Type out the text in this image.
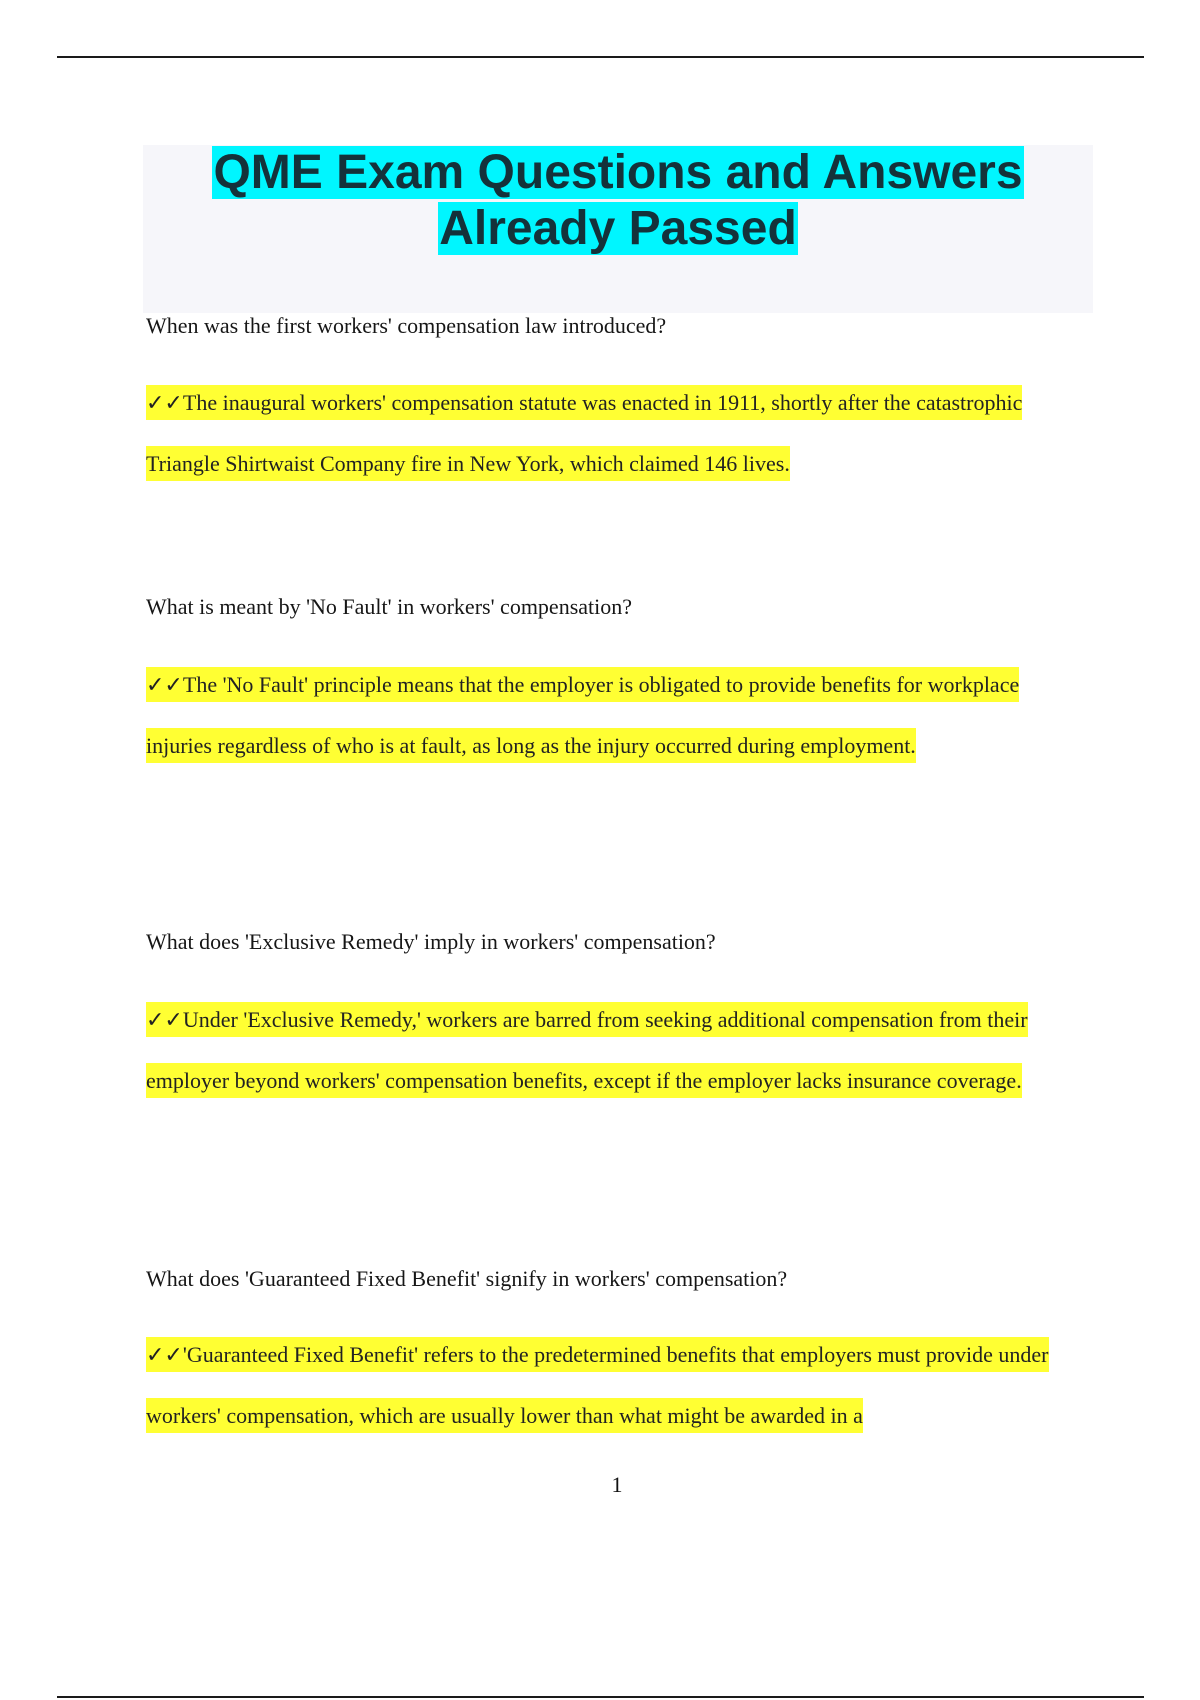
QME Exam Questions and Answers
Already Passed

When was the first workers' compensation law introduced?

✓✓The inaugural workers' compensation statute was enacted in 1911, shortly after the catastrophic Triangle Shirtwaist Company fire in New York, which claimed 146 lives.

What is meant by 'No Fault' in workers' compensation?

✓✓The 'No Fault' principle means that the employer is obligated to provide benefits for workplace injuries regardless of who is at fault, as long as the injury occurred during employment.

What does 'Exclusive Remedy' imply in workers' compensation?

✓✓Under 'Exclusive Remedy,' workers are barred from seeking additional compensation from their employer beyond workers' compensation benefits, except if the employer lacks insurance coverage.

What does 'Guaranteed Fixed Benefit' signify in workers' compensation?

✓✓'Guaranteed Fixed Benefit' refers to the predetermined benefits that employers must provide under workers' compensation, which are usually lower than what might be awarded in a

1
